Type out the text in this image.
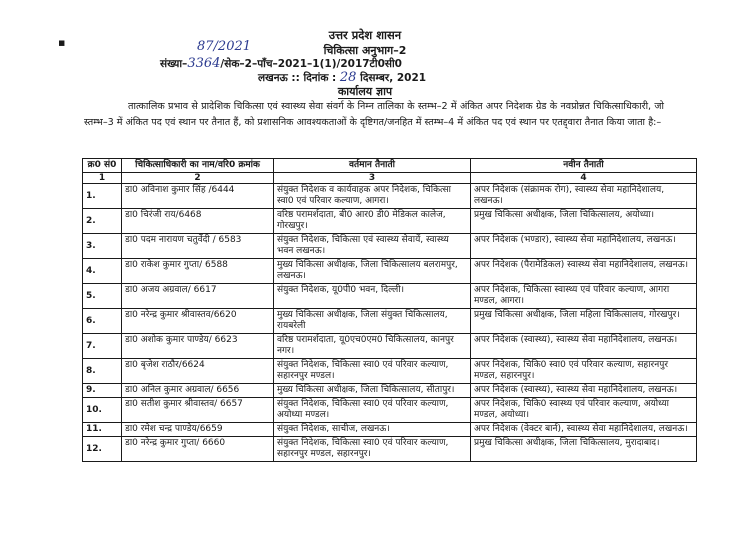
▪
उत्तर प्रदेश शासन
87/2021	चिकित्सा अनुभाग–2
संख्या–3364/सेक–2–पाँच–2021–1(1)/2017टी0सी0
लखनऊ :: दिनांक : 28 दिसम्बर, 2021
कार्यालय ज्ञाप
तात्कालिक प्रभाव से प्रादेशिक चिकित्सा एवं स्वास्थ्य सेवा संवर्ग के निम्न तालिका के स्तम्भ–2 में अंकित अपर निदेशक ग्रेड के नवप्रोन्नत चिकित्साधिकारी, जो स्तम्भ–3 में अंकित पद एवं स्थान पर तैनात हैं, को प्रशासनिक आवश्यकताओं के दृष्टिगत/जनहित में स्तम्भ–4 में अंकित पद एवं स्थान पर एतद्द्वारा तैनात किया जाता है:–
क्र0 सं0	चिकित्साधिकारी का नाम/वरि0 क्रमांक	वर्तमान तैनाती	नवीन तैनाती
1	2	3	4
1.	डा0 अविनाश कुमार सिंह /6444	संयुक्त निदेशक व कार्यवाहक अपर निदेशक, चिकित्सा स्वा0 एवं परिवार कल्याण, आगरा।	अपर निदेशक (संक्रामक रोग), स्वास्थ्य सेवा महानिदेशालय, लखनऊ।
2.	डा0 चिरंजी राय/6468	वरिष्ठ परामर्शदाता, बी0 आर0 डी0 मेडिकल कालेज, गोरखपुर।	प्रमुख चिकित्सा अधीक्षक, जिला चिकित्सालय, अयोध्या।
3.	डा0 पदम नारायण चतुर्वेदी / 6583	संयुक्त निदेशक, चिकित्सा एवं स्वास्थ्य सेवायें, स्वास्थ्य भवन लखनऊ।	अपर निदेशक (भण्डार), स्वास्थ्य सेवा महानिदेशालय, लखनऊ।
4.	डा0 राकेश कुमार गुप्ता/ 6588	मुख्य चिकित्सा अधीक्षक, जिला चिकित्सालय बलरामपुर, लखनऊ।	अपर निदेशक (पैरामेडिकल) स्वास्थ्य सेवा महानिदेशालय, लखनऊ।
5.	डा0 अजय अग्रवाल/ 6617	संयुक्त निदेशक, यू0पी0 भवन, दिल्ली।	अपर निदेशक, चिकित्सा स्वास्थ्य एवं परिवार कल्याण, आगरा मण्डल, आगरा।
6.	डा0 नरेन्द्र कुमार श्रीवास्तव/6620	मुख्य चिकित्सा अधीक्षक, जिला संयुक्त चिकित्सालय, रायबरेली	प्रमुख चिकित्सा अधीक्षक, जिला महिला चिकित्सालय, गोरखपुर।
7.	डा0 अशोक कुमार पाण्डेय/ 6623	वरिष्ठ परामर्शदाता, यू0एच0एम0 चिकित्सालय, कानपुर नगर।	अपर निदेशक (स्वास्थ्य), स्वास्थ्य सेवा महानिदेशालय, लखनऊ।
8.	डा0 बृजेश राठौर/6624	संयुक्त निदेशक, चिकित्सा स्वा0 एवं परिवार कल्याण, सहारनपुर मण्डल।	अपर निदेशक, चिकि0 स्वा0 एवं परिवार कल्याण, सहारनपुर मण्डल, सहारनपुर।
9.	डा0 अनिल कुमार अग्रवाल/ 6656	मुख्य चिकित्सा अधीक्षक, जिला चिकित्सालय, सीतापुर।	अपर निदेशक (स्वास्थ्य), स्वास्थ्य सेवा महानिदेशालय, लखनऊ।
10.	डा0 सतीश कुमार श्रीवास्तव/ 6657	संयुक्त निदेशक, चिकित्सा स्वा0 एवं परिवार कल्याण, अयोध्या मण्डल।	अपर निदेशक, चिकि0 स्वास्थ्य एवं परिवार कल्याण, अयोध्या मण्डल, अयोध्या।
11.	डा0 रमेश चन्द्र पाण्डेय/6659	संयुक्त निदेशक, साचीज, लखनऊ।	अपर निदेशक (वेक्टर बार्न), स्वास्थ्य सेवा महानिदेशालय, लखनऊ।
12.	डा0 नरेन्द्र कुमार गुप्ता/ 6660	संयुक्त निदेशक, चिकित्सा स्वा0 एवं परिवार कल्याण, सहारनपुर मण्डल, सहारनपुर।	प्रमुख चिकित्सा अधीक्षक, जिला चिकित्सालय, मुरादाबाद।
